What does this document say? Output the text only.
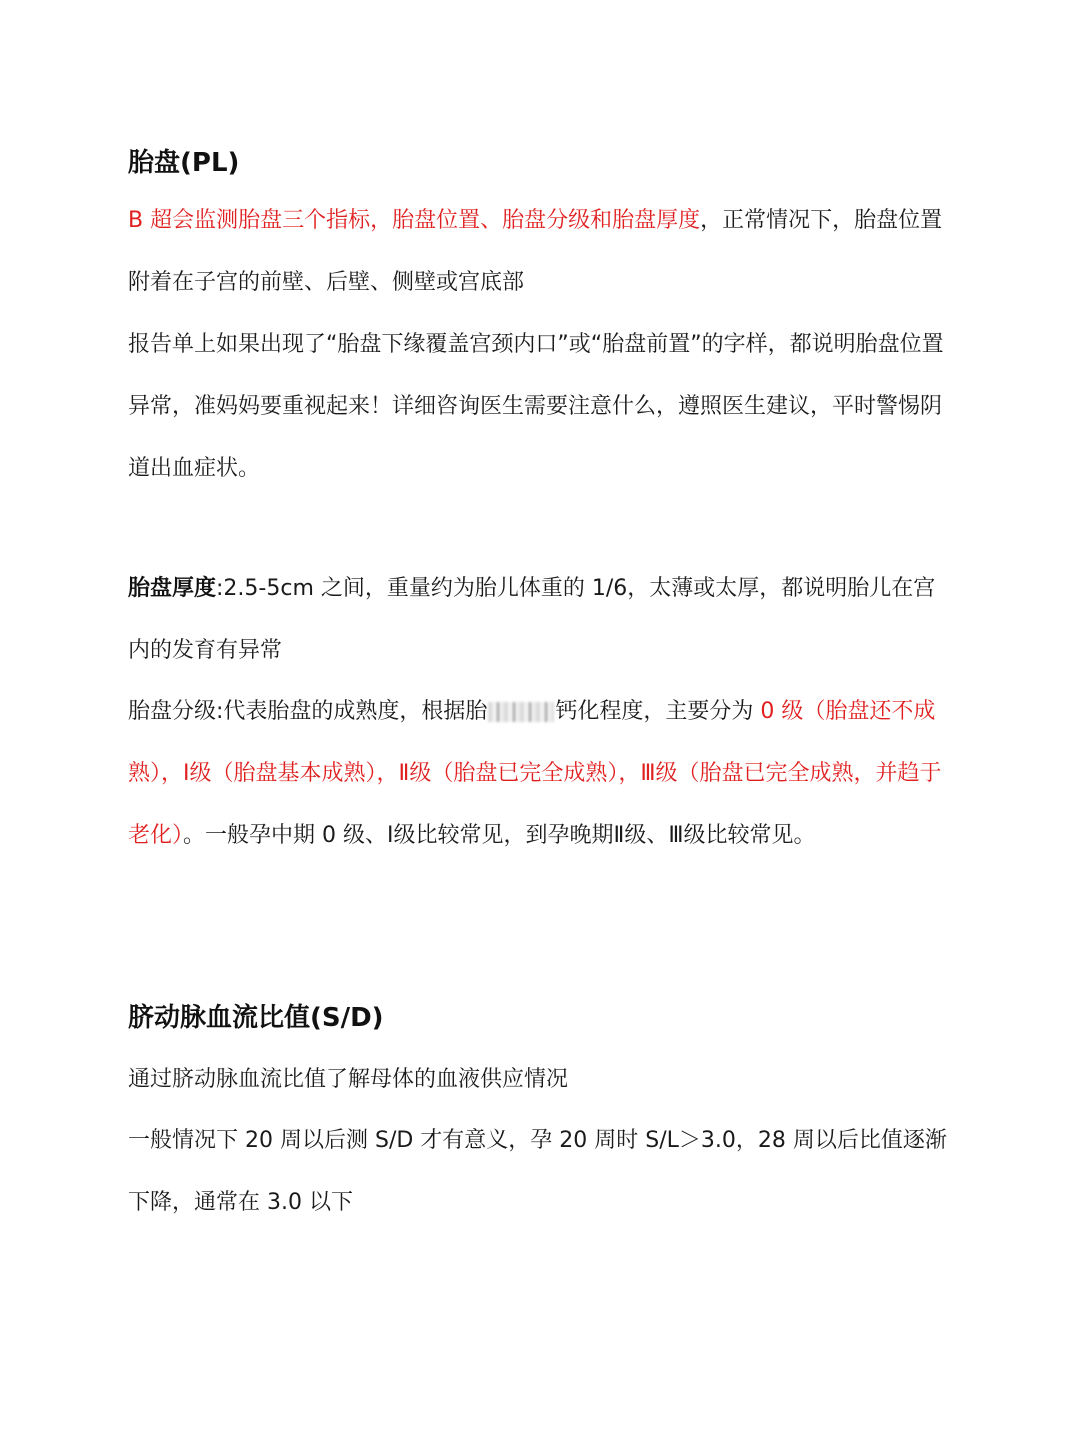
胎盘(PL)

B 超会监测胎盘三个指标，胎盘位置、胎盘分级和胎盘厚度，正常情况下，胎盘位置附着在子宫的前壁、后壁、侧壁或宫底部

报告单上如果出现了“胎盘下缘覆盖宫颈内口”或“胎盘前置”的字样，都说明胎盘位置异常，准妈妈要重视起来！详细咨询医生需要注意什么，遵照医生建议，平时警惕阴道出血症状。

胎盘厚度:2.5-5cm 之间，重量约为胎儿体重的 1/6，太薄或太厚，都说明胎儿在宫内的发育有异常

胎盘分级:代表胎盘的成熟度，根据胎	钙化程度，主要分为 0 级（胎盘还不成熟），Ⅰ级（胎盘基本成熟），Ⅱ级（胎盘已完全成熟），Ⅲ级（胎盘已完全成熟，并趋于老化）。一般孕中期 0 级、Ⅰ级比较常见，到孕晚期Ⅱ级、Ⅲ级比较常见。

脐动脉血流比值(S/D)

通过脐动脉血流比值了解母体的血液供应情况

一般情况下 20 周以后测 S/D 才有意义，孕 20 周时 S/L＞3.0，28 周以后比值逐渐下降，通常在 3.0 以下
